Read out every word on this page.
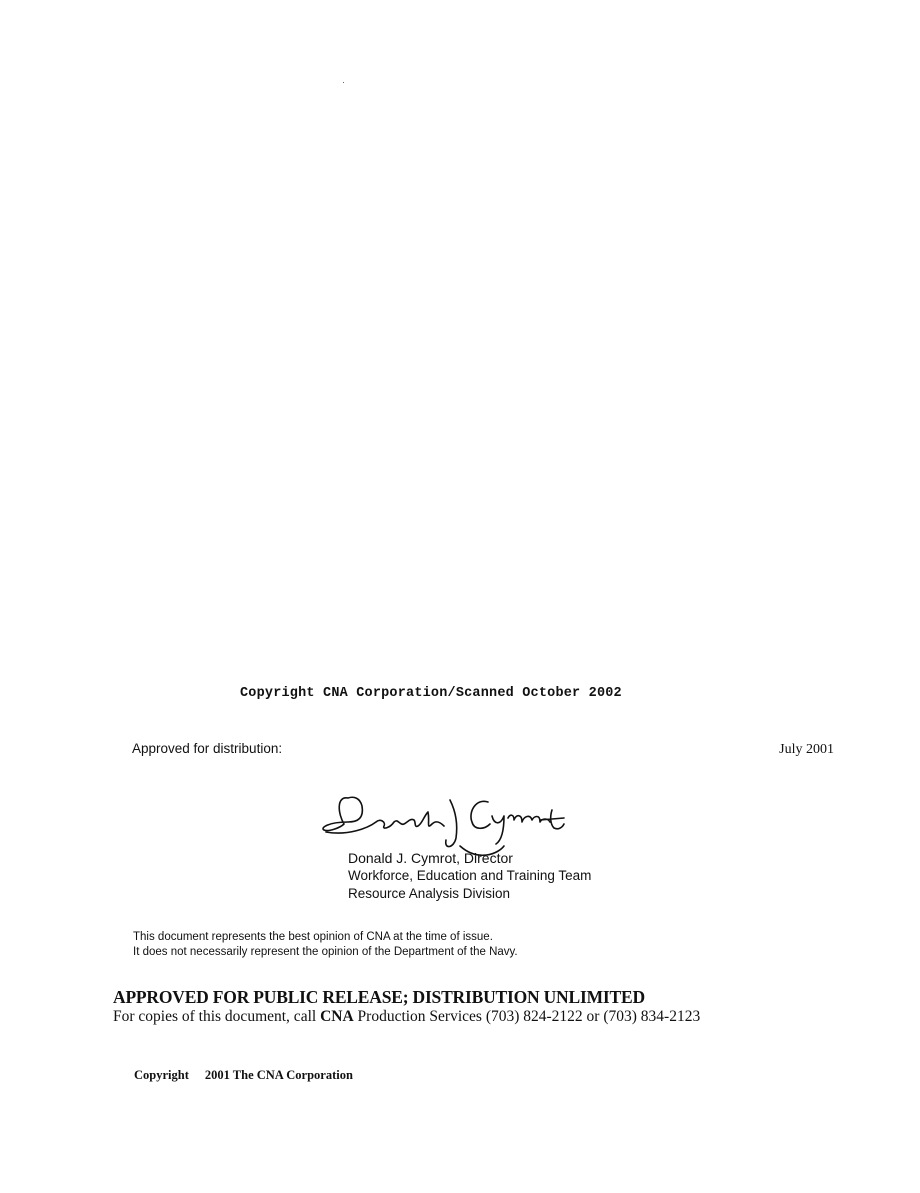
Copyright CNA Corporation/Scanned October 2002
Approved for distribution:	July 2001
Donald J. Cymrot, Director
Workforce, Education and Training Team
Resource Analysis Division
This document represents the best opinion of CNA at the time of issue.
It does not necessarily represent the opinion of the Department of the Navy.
APPROVED FOR PUBLIC RELEASE; DISTRIBUTION UNLIMITED
For copies of this document, call CNA Production Services (703) 824-2122 or (703) 834-2123
Copyright 2001 The CNA Corporation
